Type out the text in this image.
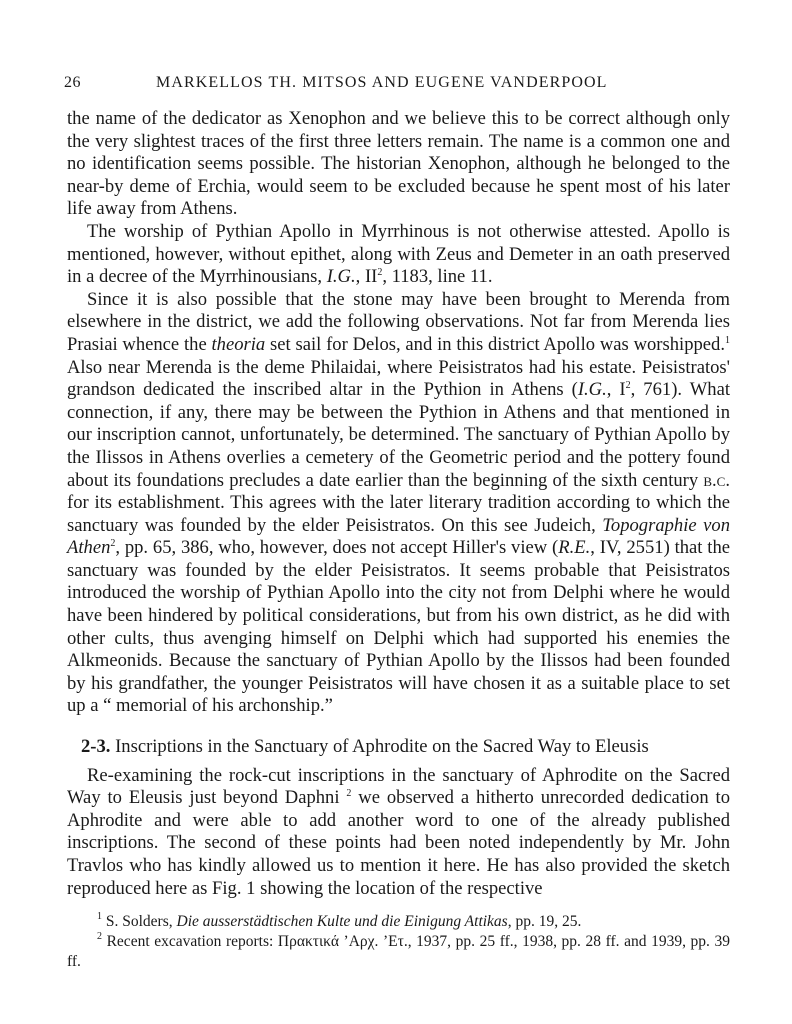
26	MARKELLOS TH. MITSOS AND EUGENE VANDERPOOL

the name of the dedicator as Xenophon and we believe this to be correct although only the very slightest traces of the first three letters remain. The name is a common one and no identification seems possible. The historian Xenophon, although he belonged to the near-by deme of Erchia, would seem to be excluded because he spent most of his later life away from Athens.

The worship of Pythian Apollo in Myrrhinous is not otherwise attested. Apollo is mentioned, however, without epithet, along with Zeus and Demeter in an oath preserved in a decree of the Myrrhinousians, I.G., $II^2$, 1183, line 11.

Since it is also possible that the stone may have been brought to Merenda from elsewhere in the district, we add the following observations. Not far from Merenda lies Prasiai whence the theoria set sail for Delos, and in this district Apollo was worshipped.$^1$ Also near Merenda is the deme Philaidai, where Peisistratos had his estate. Peisistratos' grandson dedicated the inscribed altar in the Pythion in Athens (I.G., $I^2$, 761). What connection, if any, there may be between the Pythion in Athens and that mentioned in our inscription cannot, unfortunately, be determined. The sanctuary of Pythian Apollo by the Ilissos in Athens overlies a cemetery of the Geometric period and the pottery found about its foundations precludes a date earlier than the beginning of the sixth century b.c. for its establishment. This agrees with the later literary tradition according to which the sanctuary was founded by the elder Peisistratos. On this see Judeich, Topographie von Athen$^2$, pp. 65, 386, who, however, does not accept Hiller's view (R.E., IV, 2551) that the sanctuary was founded by the elder Peisistratos. It seems probable that Peisistratos introduced the worship of Pythian Apollo into the city not from Delphi where he would have been hindered by political considerations, but from his own district, as he did with other cults, thus avenging himself on Delphi which had supported his enemies the Alkmeonids. Because the sanctuary of Pythian Apollo by the Ilissos had been founded by his grandfather, the younger Peisistratos will have chosen it as a suitable place to set up a “ memorial of his archonship.”

2-3. Inscriptions in the Sanctuary of Aphrodite on the Sacred Way to Eleusis

Re-examining the rock-cut inscriptions in the sanctuary of Aphrodite on the Sacred Way to Eleusis just beyond Daphni $^2$ we observed a hitherto unrecorded dedication to Aphrodite and were able to add another word to one of the already published inscriptions. The second of these points had been noted independently by Mr. John Travlos who has kindly allowed us to mention it here. He has also provided the sketch reproduced here as Fig. 1 showing the location of the respective

$^1$ S. Solders, Die ausserstädtischen Kulte und die Einigung Attikas, pp. 19, 25.

$^2$ Recent excavation reports: Πρακτικά ’Αρχ. ’Ετ., 1937, pp. 25 ff., 1938, pp. 28 ff. and 1939, pp. 39 ff.
